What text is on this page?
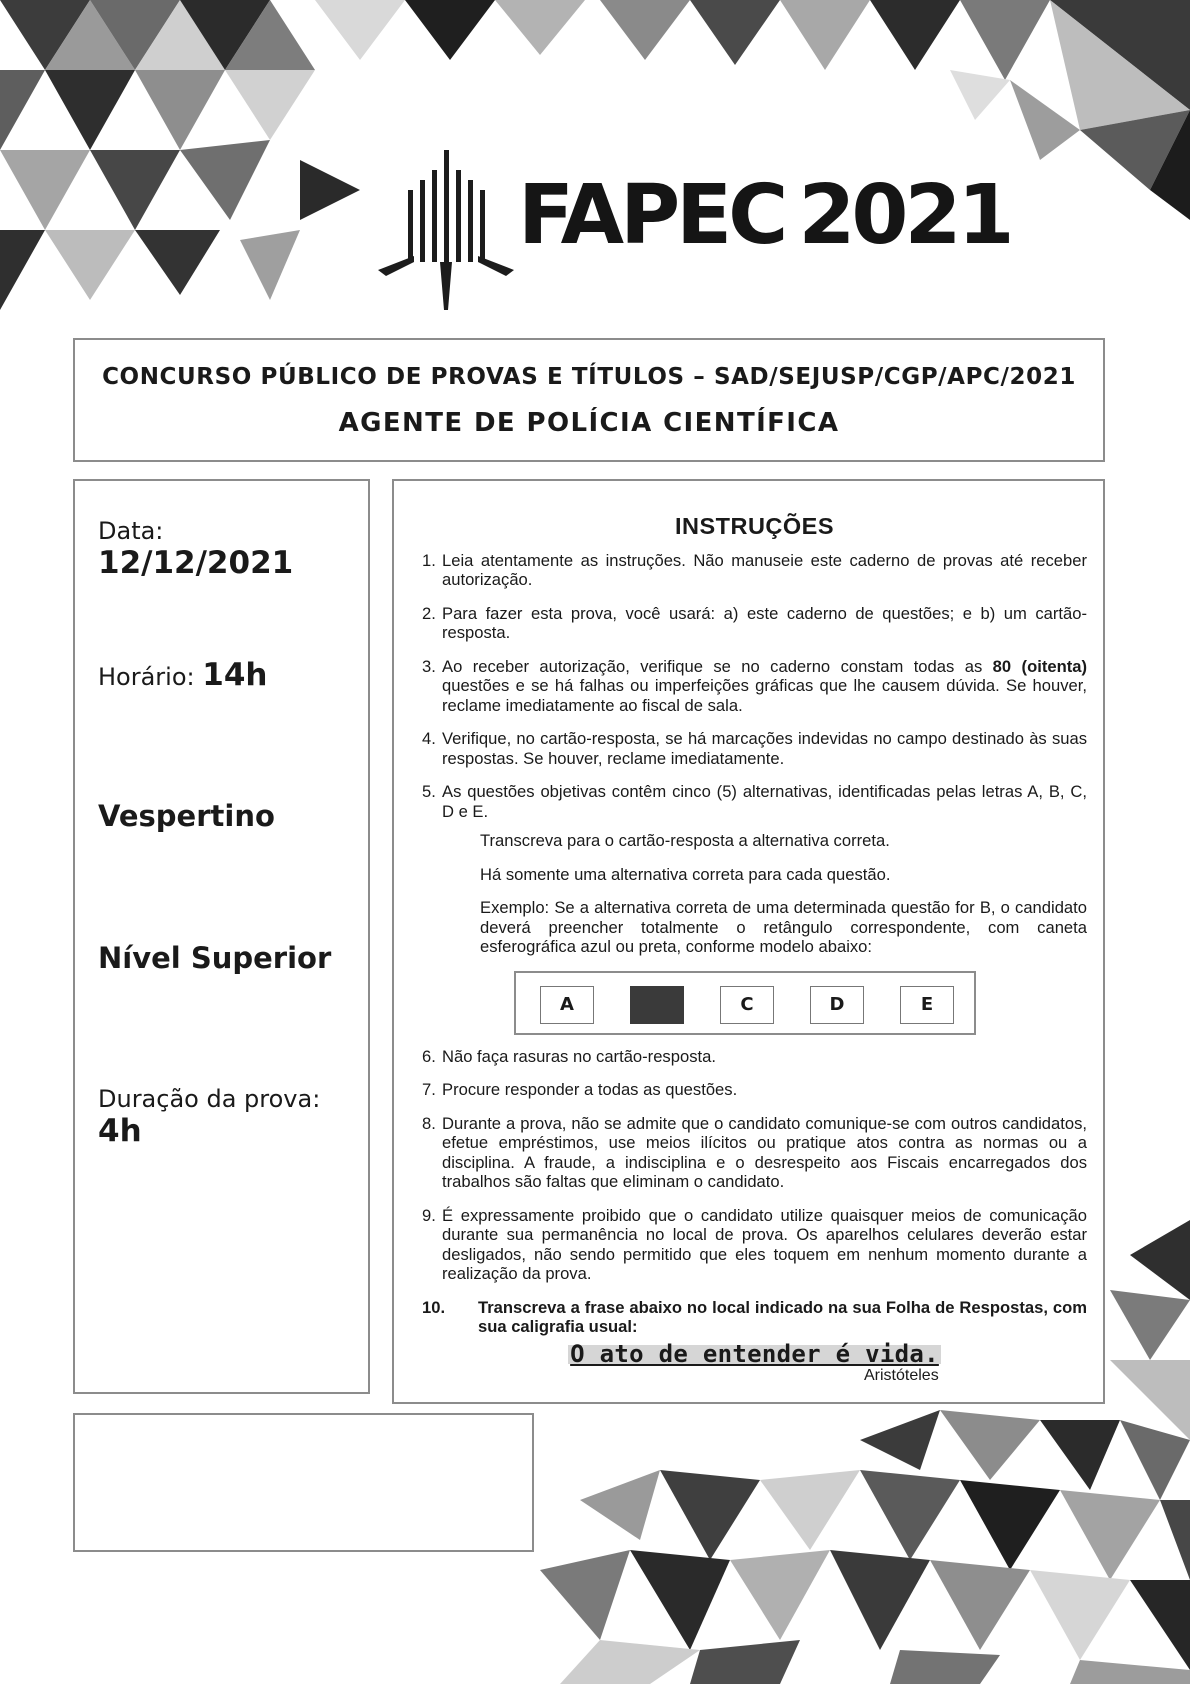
FAPEC 2021
CONCURSO PÚBLICO DE PROVAS E TÍTULOS – SAD/SEJUSP/CGP/APC/2021
AGENTE DE POLÍCIA CIENTÍFICA
Data:  12/12/2021
Horário: 14h
Vespertino
Nível Superior
Duração da prova: 4h
INSTRUÇÕES
1. Leia atentamente as instruções. Não manuseie este caderno de provas até receber autorização.
2. Para fazer esta prova, você usará: a) este caderno de questões; e b) um cartão-resposta.
3. Ao receber autorização, verifique se no caderno constam todas as 80 (oitenta) questões e se há falhas ou imperfeições gráficas que lhe causem dúvida. Se houver, reclame imediatamente ao fiscal de sala.
4. Verifique, no cartão-resposta, se há marcações indevidas no campo destinado às suas respostas. Se houver, reclame imediatamente.
5. As questões objetivas contêm cinco (5) alternativas, identificadas pelas letras A, B, C, D e E.
Transcreva para o cartão-resposta a alternativa correta.
Há somente uma alternativa correta para cada questão.
Exemplo: Se a alternativa correta de uma determinada questão for B, o candidato deverá preencher totalmente o retângulo correspondente, com caneta esferográfica azul ou preta, conforme modelo abaixo:
A	C	D	E
6. Não faça rasuras no cartão-resposta.
7. Procure responder a todas as questões.
8. Durante a prova, não se admite que o candidato comunique-se com outros candidatos, efetue empréstimos, use meios ilícitos ou pratique atos contra as normas ou a disciplina. A fraude, a indisciplina e o desrespeito aos Fiscais encarregados dos trabalhos são faltas que eliminam o candidato.
9. É expressamente proibido que o candidato utilize quaisquer meios de comunicação durante sua permanência no local de prova. Os aparelhos celulares deverão estar desligados, não sendo permitido que eles toquem em nenhum momento durante a realização da prova.
10.	Transcreva a frase abaixo no local indicado na sua Folha de Respostas, com sua caligrafia usual:
O ato de entender é vida.
Aristóteles
